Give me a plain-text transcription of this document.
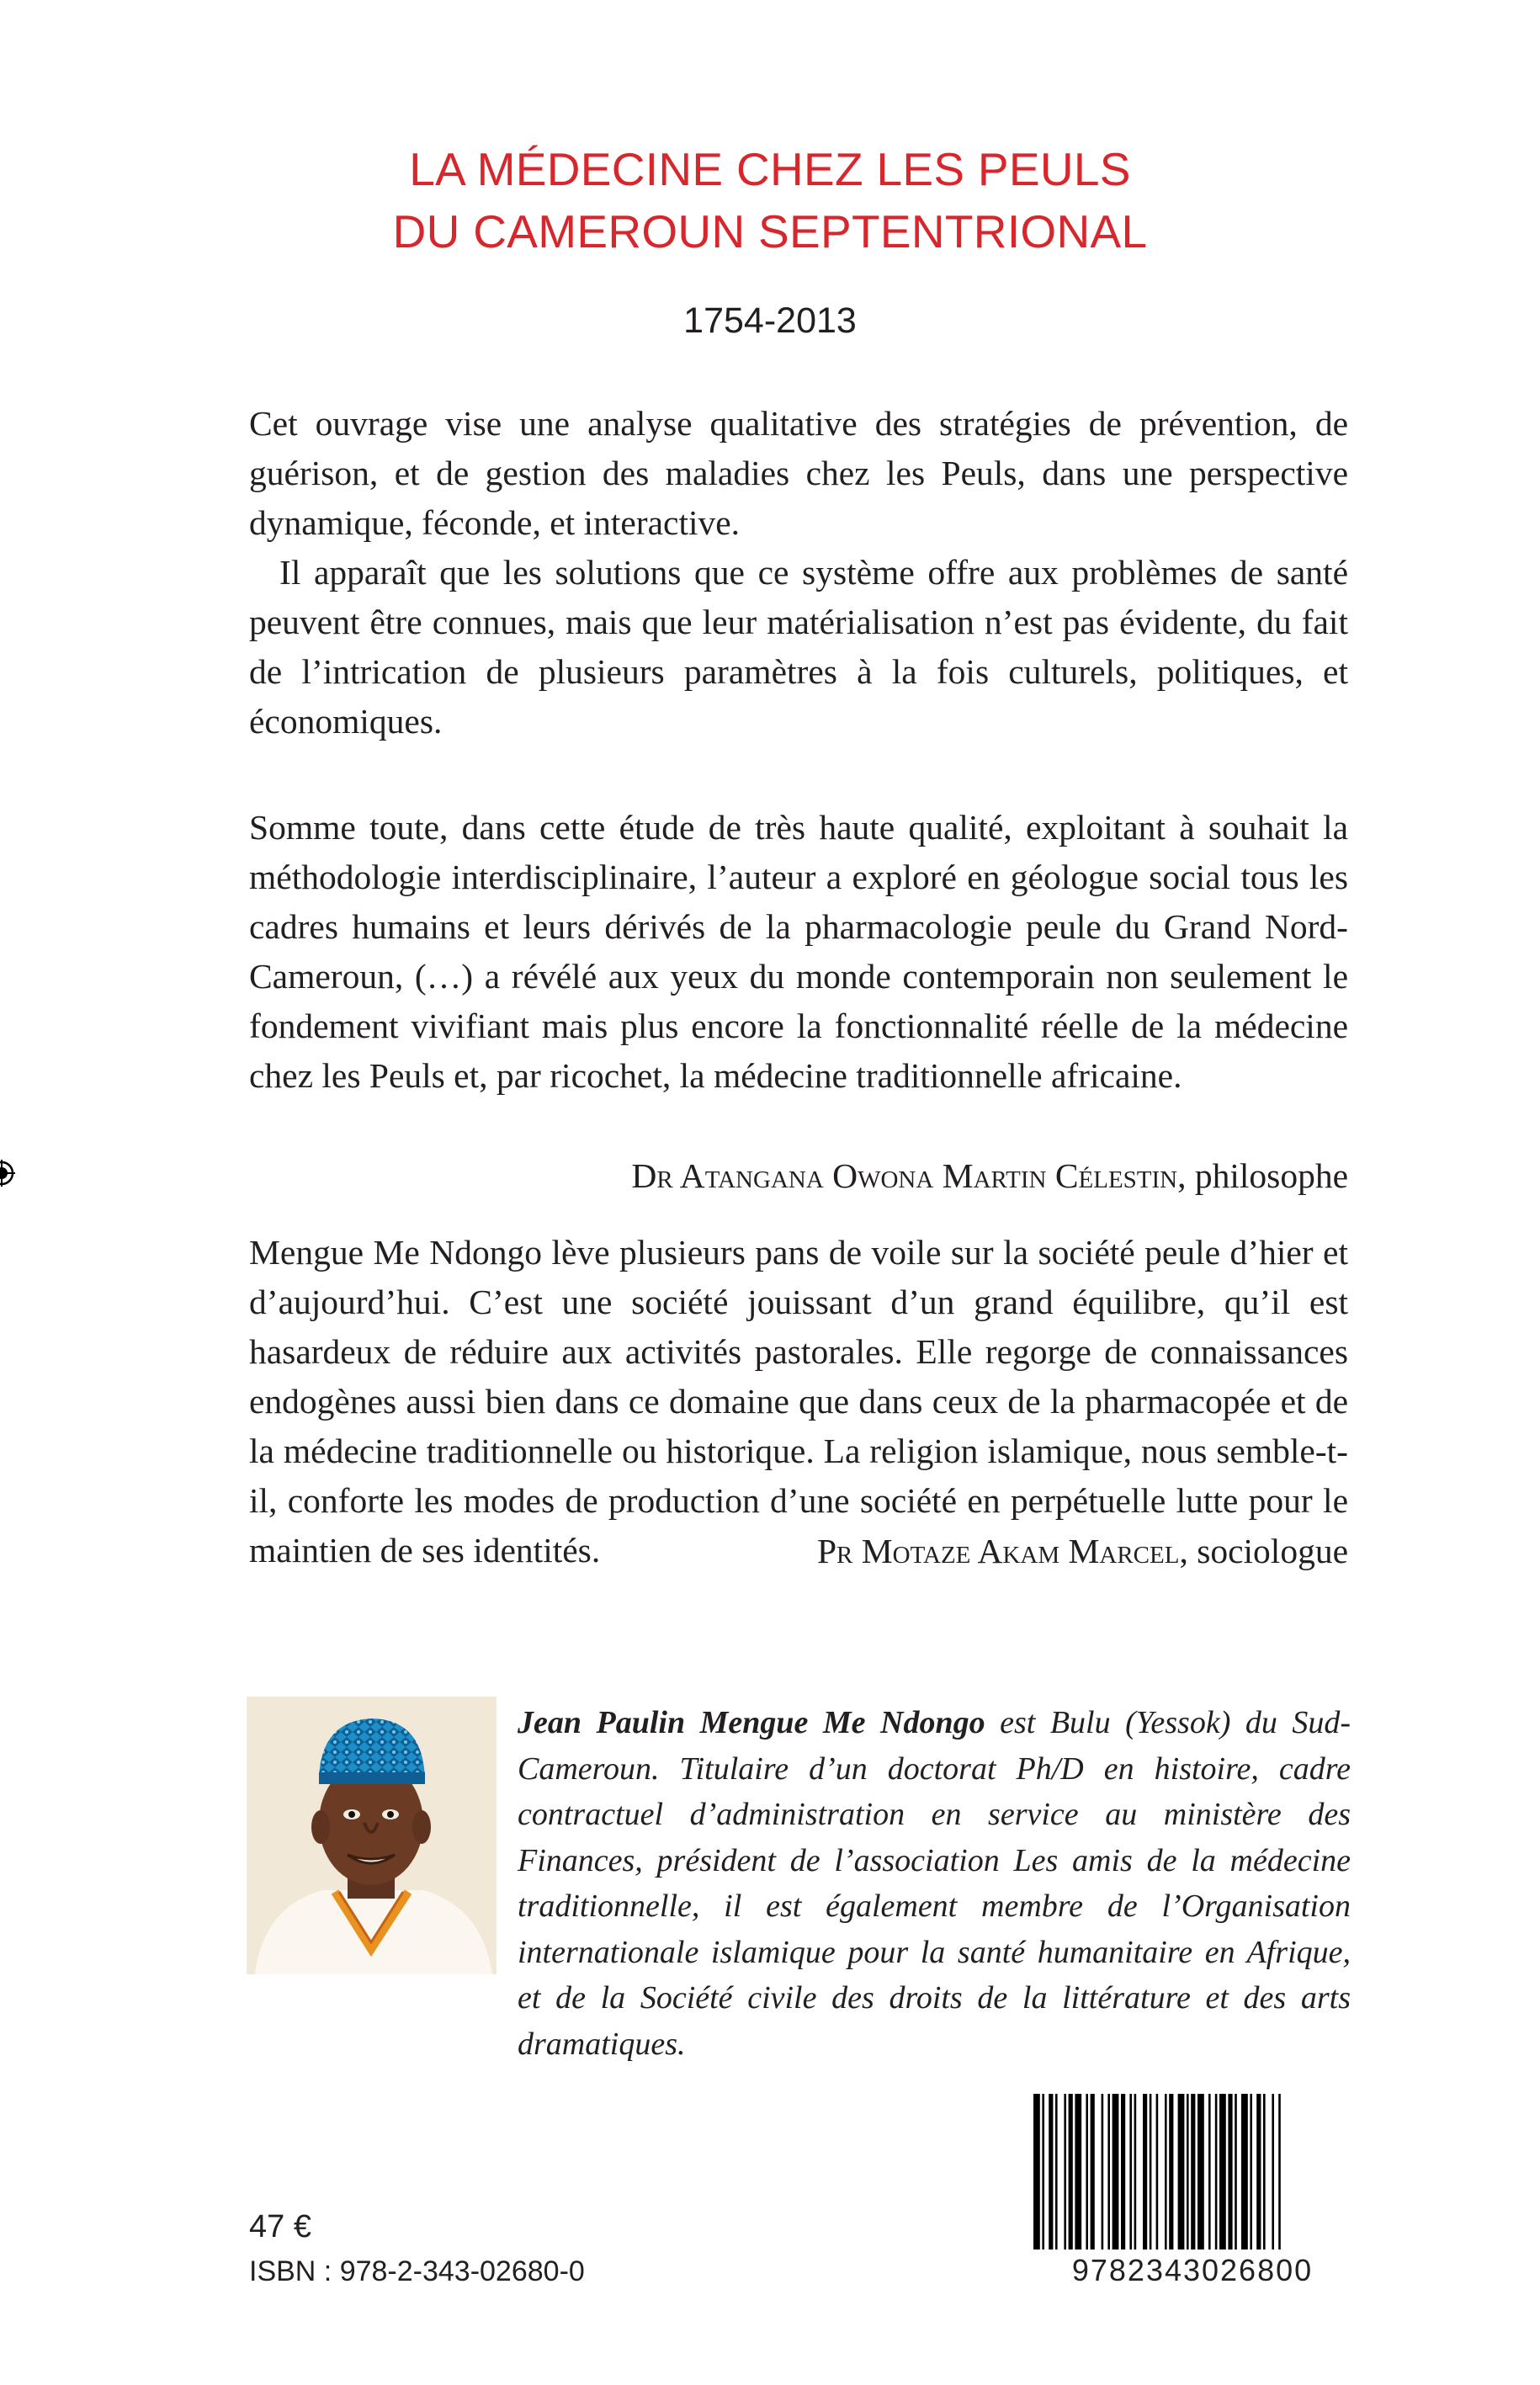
LA MÉDECINE CHEZ LES PEULS
DU CAMEROUN SEPTENTRIONAL
1754-2013

Cet ouvrage vise une analyse qualitative des stratégies de prévention, de guérison, et de gestion des maladies chez les Peuls, dans une perspective dynamique, féconde, et interactive.

Il apparaît que les solutions que ce système offre aux problèmes de santé peuvent être connues, mais que leur matérialisation n’est pas évidente, du fait de l’intrication de plusieurs paramètres à la fois culturels, politiques, et économiques.

Somme toute, dans cette étude de très haute qualité, exploitant à souhait la méthodologie interdisciplinaire, l’auteur a exploré en géologue social tous les cadres humains et leurs dérivés de la pharmacologie peule du Grand Nord-Cameroun, (…) a révélé aux yeux du monde contemporain non seulement le fondement vivifiant mais plus encore la fonctionnalité réelle de la médecine chez les Peuls et, par ricochet, la médecine traditionnelle africaine.

Dr Atangana Owona Martin Célestin, philosophe

Mengue Me Ndongo lève plusieurs pans de voile sur la société peule d’hier et d’aujourd’hui. C’est une société jouissant d’un grand équilibre, qu’il est hasardeux de réduire aux activités pastorales. Elle regorge de connaissances endogènes aussi bien dans ce domaine que dans ceux de la pharmacopée et de la médecine traditionnelle ou historique. La religion islamique, nous semble-t-il, conforte les modes de production d’une société en perpétuelle lutte pour le maintien de ses identités.	Pr Motaze Akam Marcel, sociologue
Jean Paulin Mengue Me Ndongo est Bulu (Yessok) du Sud-Cameroun. Titulaire d’un doctorat Ph/D en histoire, cadre contractuel d’administration en service au ministère des Finances, président de l’association Les amis de la médecine traditionnelle, il est également membre de l’Organisation internationale islamique pour la santé humanitaire en Afrique, et de la Société civile des droits de la littérature et des arts dramatiques.
47 €
ISBN : 978-2-343-02680-0	9782343026800
